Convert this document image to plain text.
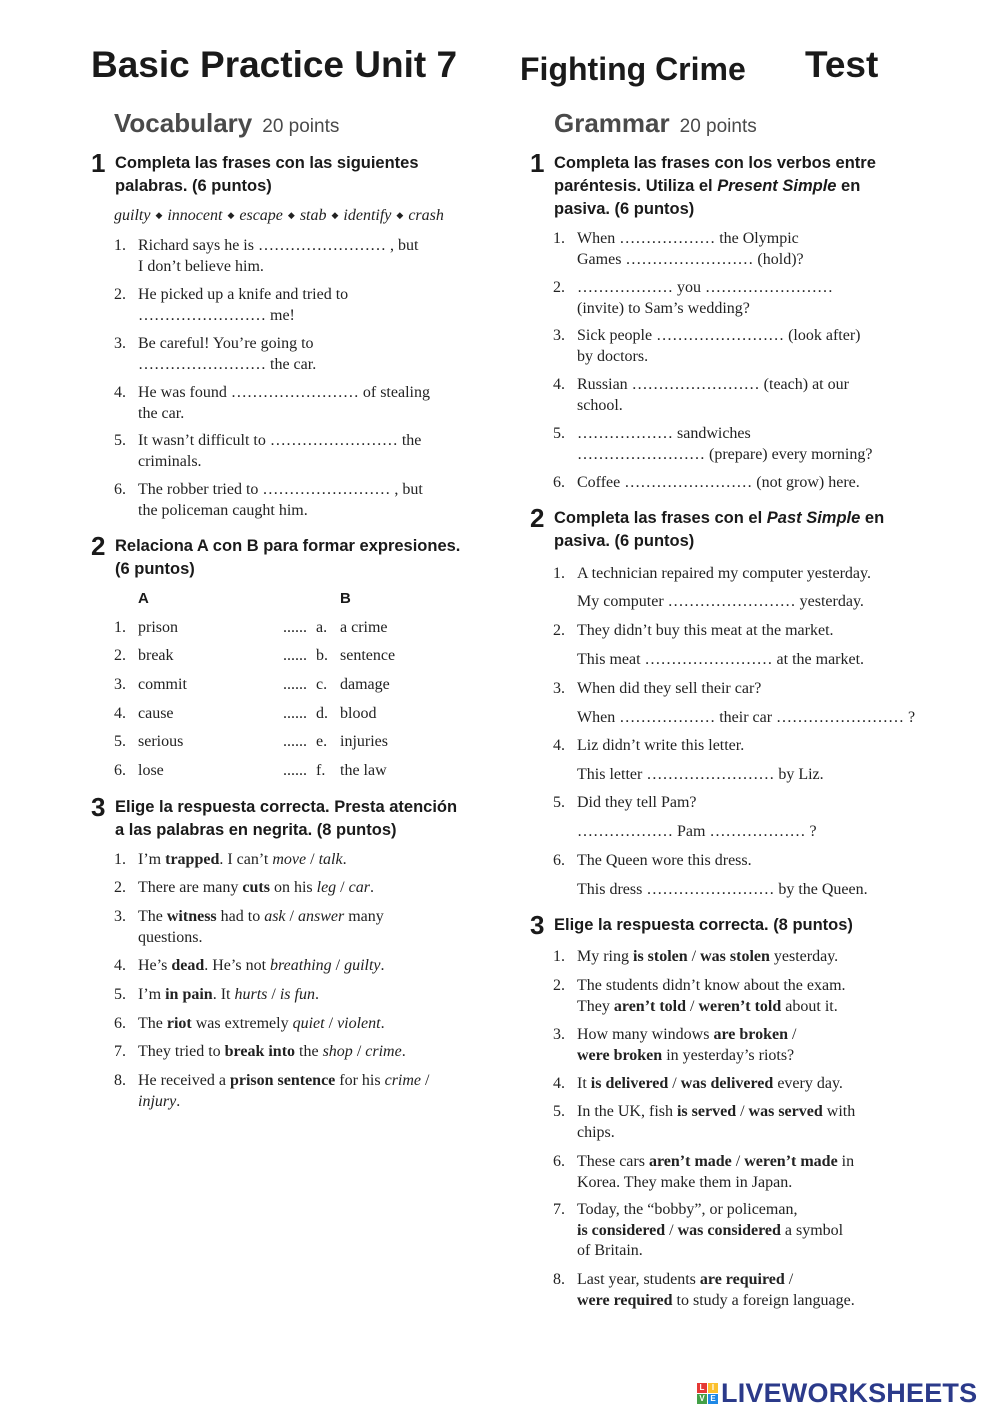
Basic Practice Unit 7 Fighting Crime Test
Vocabulary 20 points	Grammar 20 points
1 Completa las frases con las siguientes
palabras. (6 puntos)
guilty ◆ innocent ◆ escape ◆ stab ◆ identify ◆ crash
1. Richard says he is …………………… , but
I don’t believe him.
2. He picked up a knife and tried to
…………………… me!
3. Be careful! You’re going to
…………………… the car.
4. He was found …………………… of stealing
the car.
5. It wasn’t difficult to …………………… the
criminals.
6. The robber tried to …………………… , but
the policeman caught him.
2 Relaciona A con B para formar expresiones.
(6 puntos)
A	B
1. prison	...... a. a crime
2. break	...... b. sentence
3. commit	...... c. damage
4. cause	...... d. blood
5. serious	...... e. injuries
6. lose	...... f. the law
3 Elige la respuesta correcta. Presta atención
a las palabras en negrita. (8 puntos)
1. I’m trapped. I can’t move / talk.
2. There are many cuts on his leg / car.
3. The witness had to ask / answer many
questions.
4. He’s dead. He’s not breathing / guilty.
5. I’m in pain. It hurts / is fun.
6. The riot was extremely quiet / violent.
7. They tried to break into the shop / crime.
8. He received a prison sentence for his crime /
injury.
1 Completa las frases con los verbos entre
paréntesis. Utiliza el Present Simple en
pasiva. (6 puntos)
1. When ……………… the Olympic
Games …………………… (hold)?
2. ……………… you ……………………
(invite) to Sam’s wedding?
3. Sick people …………………… (look after)
by doctors.
4. Russian …………………… (teach) at our
school.
5. ……………… sandwiches
…………………… (prepare) every morning?
6. Coffee …………………… (not grow) here.
2 Completa las frases con el Past Simple en
pasiva. (6 puntos)
1. A technician repaired my computer yesterday.
My computer …………………… yesterday.
2. They didn’t buy this meat at the market.
This meat …………………… at the market.
3. When did they sell their car?
When ……………… their car …………………… ?
4. Liz didn’t write this letter.
This letter …………………… by Liz.
5. Did they tell Pam?
……………… Pam ……………… ?
6. The Queen wore this dress.
This dress …………………… by the Queen.
3 Elige la respuesta correcta. (8 puntos)
1. My ring is stolen / was stolen yesterday.
2. The students didn’t know about the exam.
They aren’t told / weren’t told about it.
3. How many windows are broken /
were broken in yesterday’s riots?
4. It is delivered / was delivered every day.
5. In the UK, fish is served / was served with
chips.
6. These cars aren’t made / weren’t made in
Korea. They make them in Japan.
7. Today, the “bobby”, or policeman,
is considered / was considered a symbol
of Britain.
8. Last year, students are required /
were required to study a foreign language.
L I
V E LIVEWORKSHEETS
